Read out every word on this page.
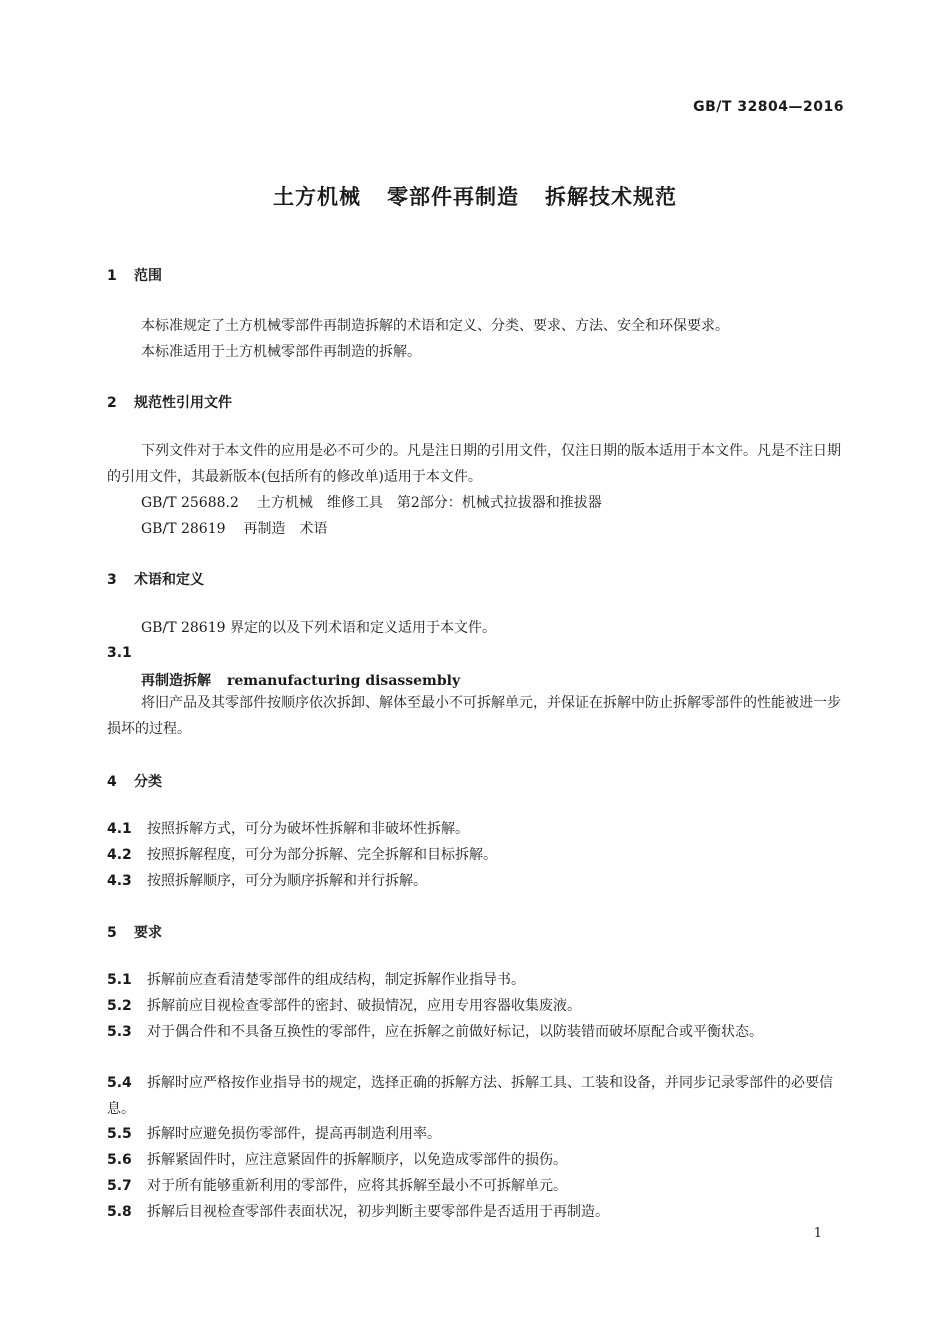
GB/T 32804—2016
土方机械 零部件再制造 拆解技术规范
1 范围
本标准规定了土方机械零部件再制造拆解的术语和定义、分类、要求、方法、安全和环保要求。
本标准适用于土方机械零部件再制造的拆解。
2 规范性引用文件
下列文件对于本文件的应用是必不可少的。凡是注日期的引用文件，仅注日期的版本适用于本文件。凡是不注日期的引用文件，其最新版本(包括所有的修改单)适用于本文件。
GB/T 25688.2 土方机械　维修工具　第2部分：机械式拉拔器和推拔器
GB/T 28619 再制造　术语
3 术语和定义
GB/T 28619 界定的以及下列术语和定义适用于本文件。
3.1
再制造拆解 remanufacturing disassembly
将旧产品及其零部件按顺序依次拆卸、解体至最小不可拆解单元，并保证在拆解中防止拆解零部件的性能被进一步损坏的过程。
4 分类
4.1 按照拆解方式，可分为破坏性拆解和非破坏性拆解。
4.2 按照拆解程度，可分为部分拆解、完全拆解和目标拆解。
4.3 按照拆解顺序，可分为顺序拆解和并行拆解。
5 要求
5.1 拆解前应查看清楚零部件的组成结构，制定拆解作业指导书。
5.2 拆解前应目视检查零部件的密封、破损情况，应用专用容器收集废液。
5.3 对于偶合件和不具备互换性的零部件，应在拆解之前做好标记，以防装错而破坏原配合或平衡状态。
5.4 拆解时应严格按作业指导书的规定，选择正确的拆解方法、拆解工具、工装和设备，并同步记录零部件的必要信息。
5.5 拆解时应避免损伤零部件，提高再制造利用率。
5.6 拆解紧固件时，应注意紧固件的拆解顺序，以免造成零部件的损伤。
5.7 对于所有能够重新利用的零部件，应将其拆解至最小不可拆解单元。
5.8 拆解后目视检查零部件表面状况，初步判断主要零部件是否适用于再制造。
1
